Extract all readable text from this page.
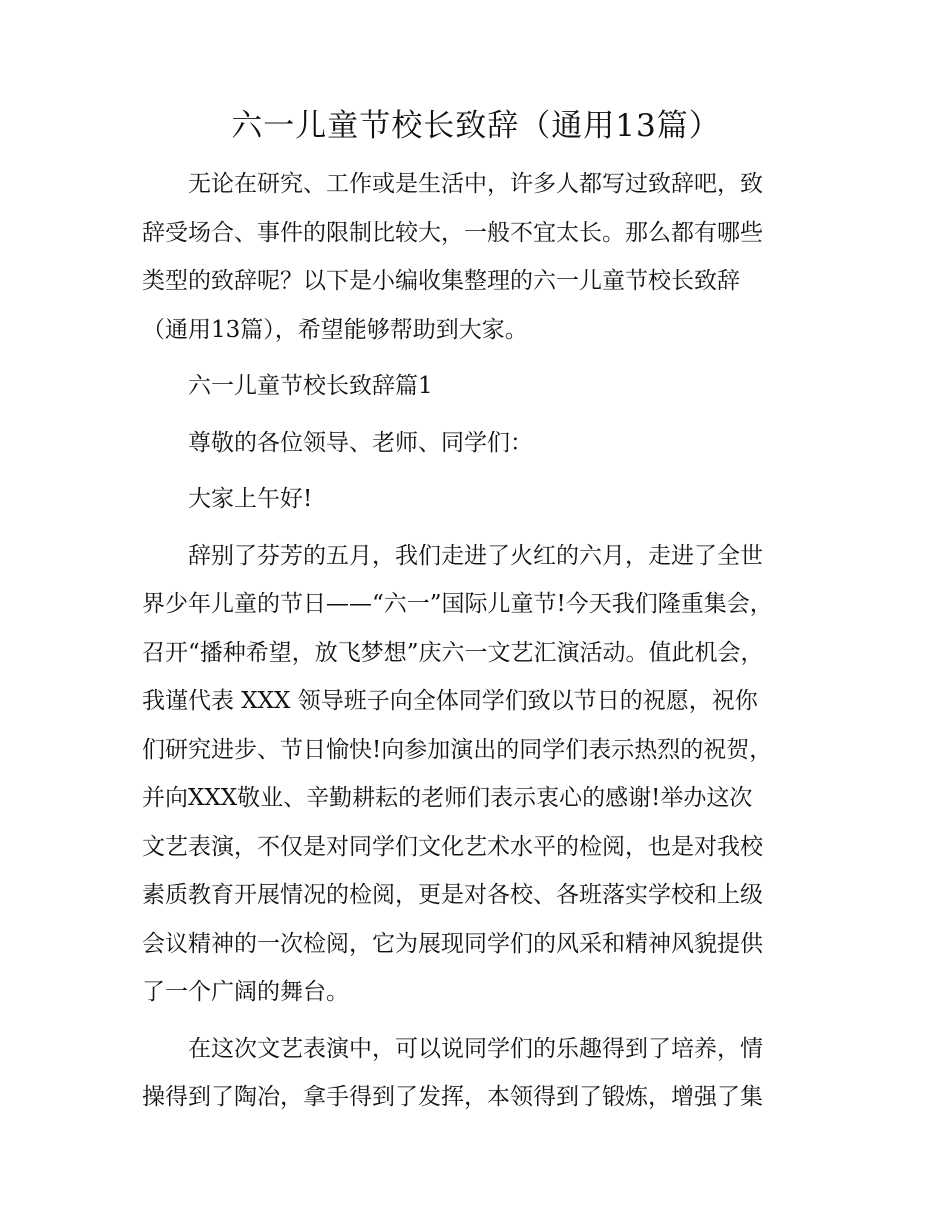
六一儿童节校长致辞（通用13篇）

无论在研究、工作或是生活中，许多人都写过致辞吧，致
辞受场合、事件的限制比较大，一般不宜太长。那么都有哪些
类型的致辞呢？以下是小编收集整理的六一儿童节校长致辞
（通用13篇），希望能够帮助到大家。

六一儿童节校长致辞篇1

尊敬的各位领导、老师、同学们：

大家上午好!

辞别了芬芳的五月，我们走进了火红的六月，走进了全世
界少年儿童的节日——“六一”国际儿童节!今天我们隆重集会，
召开“播种希望，放飞梦想”庆六一文艺汇演活动。值此机会，
我谨代表 XXX 领导班子向全体同学们致以节日的祝愿，祝你
们研究进步、节日愉快!向参加演出的同学们表示热烈的祝贺，
并向XXX敬业、辛勤耕耘的老师们表示衷心的感谢!举办这次
文艺表演，不仅是对同学们文化艺术水平的检阅，也是对我校
素质教育开展情况的检阅，更是对各校、各班落实学校和上级
会议精神的一次检阅，它为展现同学们的风采和精神风貌提供
了一个广阔的舞台。

在这次文艺表演中，可以说同学们的乐趣得到了培养，情
操得到了陶冶，拿手得到了发挥，本领得到了锻炼，增强了集
